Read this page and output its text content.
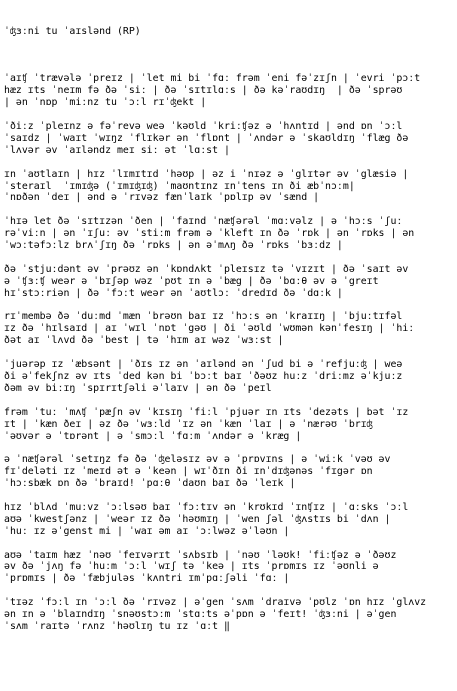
ˈʤɜːni tu ˈaɪslənd (RP)

ˈaɪʧ ˈtrævələ ˈpreɪz | ˈlet mi bi ˈfɑː frəm ˈeni fəˈzɪʃn | ˈevri ˈpɔːt
hæz ɪts ˈneɪm fə ðə ˈsiː | ðə ˈsɪtɪlɑːs | ðə kəˈraʊdɪŋ  | ðə ˈsprəʊ
| ən ˈnɒp ˈmiːnz tu ˈɔːl rɪˈʤekt |
ˈðiːz ˈpleɪnz ə fəˈrevə weə ˈkəʊld ˈkriːʧəz ə ˈhʌntɪd | ənd ɒn ˈɔːl
ˈsaɪdz | ˈwaɪt ˈwɪŋz ˈflɪkər ən ˈflɒnt | ˈʌndər ə ˈskaʊldɪŋ ˈflæg ðə
ˈlʌvər əv ˈaɪləndz meɪ siː ət ˈlɑːst |
ɪn ˈaʊtlaɪn | hɪz ˈlɪmɪtɪd ˈhəʊp | əz i ˈnɪəz ə ˈglɪtər əv ˈglæsiə |
ˈsteraɪl  ˈɪmɪʤə (ˈɪmɪʤɪʤ) ˈmaʊntɪnz ɪnˈtens ɪn ði æbˈnɔːm|
ˈnɒðən ˈdeɪ | ənd ə ˈrɪvəz fænˈlaɪk ˈpɒlɪp əv ˈsænd |
ˈhɪə let ðə ˈsɪtɪzən ˈðen | ˈfaɪnd ˈnæʧərəl ˈmɑːvəlz | ə ˈhɔːs ˈʃuː
rəˈviːn | ən ˈɪʃuː əv ˈstiːm frəm ə ˈkleft ɪn ðə ˈrɒk | ən ˈrɒks | ən
ˈwɔːtəfɔːlz brʌˈʃɪŋ ðə ˈrɒks | ən əˈmʌŋ ðə ˈrɒks ˈbɜːdz |
ðə ˈstjuːdənt əv ˈprəʊz ən ˈkɒndʌkt ˈpleɪsɪz tə ˈvɪzɪt | ðə ˈsaɪt əv
ə ˈʧɜːʧ weər ə ˈbɪʃəp wəz ˈpʊt ɪn ə ˈbæg | ðə ˈbɑːθ əv ə ˈgreɪt
hɪˈstɔːriən | ðə ˈfɔːt weər ən ˈaʊtlɔː ˈdredɪd ðə ˈdɑːk |
rɪˈmembə ðə ˈduːmd ˈmæn ˈbrəʊn baɪ ɪz ˈhɔːs ən ˈkraɪɪŋ | ˈbjuːtɪfəl
ɪz ðə ˈhɪlsaɪd | aɪ ˈwɪl ˈnɒt ˈgəʊ | ði ˈəʊld ˈwʊmən kənˈfesɪŋ | ˈhiː
ðət aɪ ˈlʌvd ðə ˈbest | tə ˈhɪm aɪ wəz ˈwɜːst |
ˈjuərəp ɪz ˈæbsənt | ˈðɪs ɪz ən ˈaɪlənd ən ˈʃud bi ə ˈrefjuːʤ | weə
ði əˈfekʃnz əv ɪts ˈded kən bi ˈbɔːt baɪ ˈðəʊz huːz ˈdriːmz əˈkjuːz
ðəm əv biːɪŋ ˈspɪrɪtʃəli əˈlaɪv | ən ðə ˈpeɪl
frəm ˈtuː ˈmʌʧ ˈpæʃn əv ˈkɪsɪŋ ˈfiːl ˈpjuər ɪn ɪts ˈdezəts | bət ˈɪz
ɪt | ˈkæn ðeɪ | əz ðə ˈwɜːld ˈɪz ən ˈkæn ˈlaɪ | ə ˈnærəʊ ˈbrɪʤ
ˈəʊvər ə ˈtɒrənt | ə ˈsmɔːl ˈfɑːm ˈʌndər ə ˈkræg |
ə ˈnæʧərəl ˈsetɪŋz fə ðə ˈʤeləsɪz əv ə ˈprɒvɪns | ə ˈwiːk ˈvəʊ əv
fɪˈdeləti ɪz ˈmeɪd ət ə ˈkeən | wɪˈðɪn ði ɪnˈdɪʤənəs ˈfɪgər ɒn
ˈhɔːsbæk ɒn ðə ˈbraɪd! ˈpɑːθ ˈdaʊn baɪ ðə ˈleɪk |
hɪz ˈblʌd ˈmuːvz ˈɔːlsəʊ baɪ ˈfɔːtɪv ən ˈkrʊkɪd ˈɪnʧɪz | ˈɑːsks ˈɔːl
aʊə ˈkwestʃənz | ˈweər ɪz ðə ˈhəʊmɪŋ | ˈwen ʃəl ˈʤʌstɪs bi ˈdʌn |
ˈhuː ɪz əˈgenst mi | ˈwaɪ əm aɪ ˈɔːlwəz əˈləʊn |
aʊə ˈtaɪm hæz ˈnəʊ ˈfeɪvərɪt ˈsʌbsɪb | ˈnəʊ ˈləʊk! ˈfiːʧəz ə ˈðəʊz
əv ðə ˈjʌŋ fə ˈhuːm ˈɔːl ˈwɪʃ tə ˈkeə | ɪts ˈprɒmɪs ɪz ˈəʊnli ə
ˈprɒmɪs | ðə ˈfæbjuləs ˈkʌntri ɪmˈpɑːʃəli ˈfɑː |
ˈtɪəz ˈfɔːl ɪn ˈɔːl ðə ˈrɪvəz | əˈgen ˈsʌm ˈdraɪvə ˈpʊlz ˈɒn hɪz ˈglʌvz
ən ɪn ə ˈblaɪndɪŋ ˈsnəʊstɔːm ˈstɑːts əˈpɒn ə ˈfeɪt! ˈʤɜːni | əˈgen
ˈsʌm ˈraɪtə ˈrʌnz ˈhəʊlɪŋ tu ɪz ˈɑːt ‖
